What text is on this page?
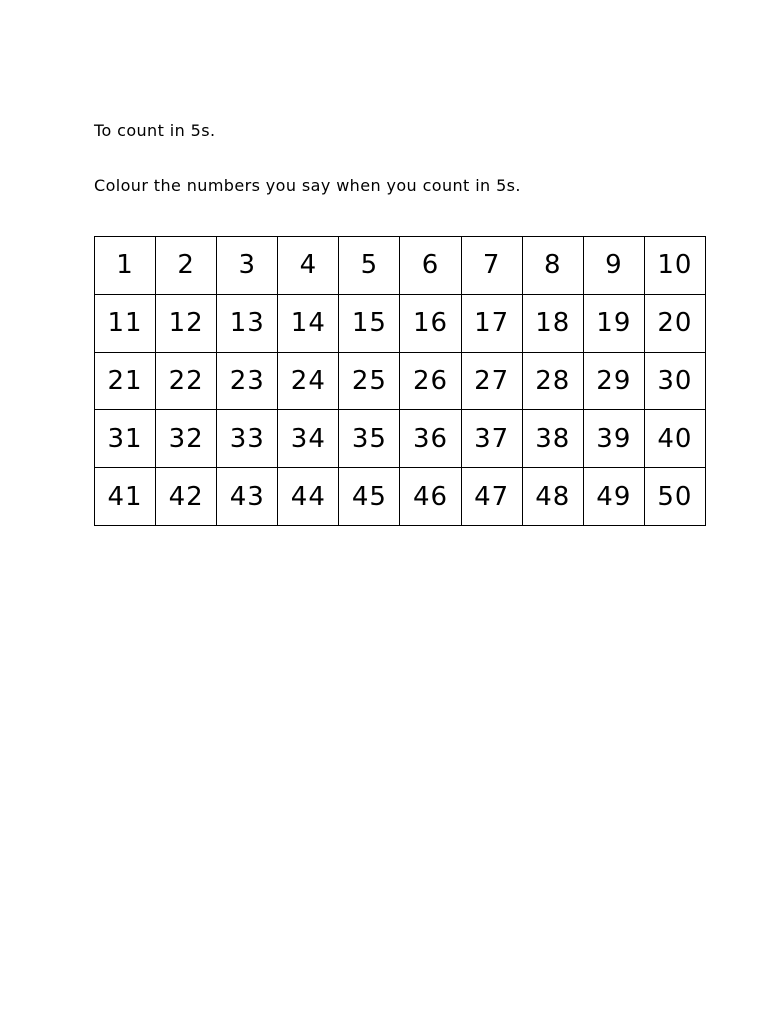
To count in 5s.
Colour the numbers you say when you count in 5s.
1	2	3	4	5	6	7	8	9	10
11	12	13	14	15	16	17	18	19	20
21	22	23	24	25	26	27	28	29	30
31	32	33	34	35	36	37	38	39	40
41	42	43	44	45	46	47	48	49	50
